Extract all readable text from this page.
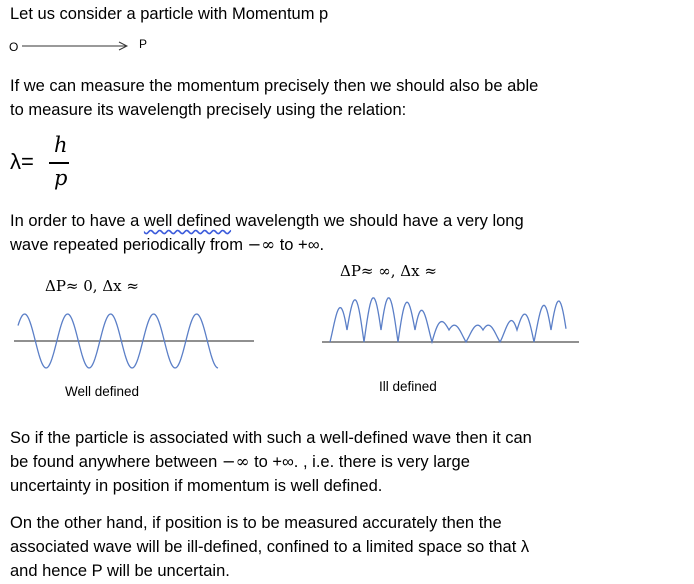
Let us consider a particle with Momentum p
O	P
If we can measure the momentum precisely then we should also be able
to measure its wavelength precisely using the relation:
λ=
h
p
In order to have a well defined wavelength we should have a very long
wave repeated periodically from −∞ to +∞.
ΔP≈ 0, Δx ≈
Well defined
ΔP≈ ∞, Δx ≈
Ill defined
So if the particle is associated with such a well-defined wave then it can
be found anywhere between −∞ to +∞. , i.e. there is very large
uncertainty in position if momentum is well defined.
On the other hand, if position is to be measured accurately then the
associated wave will be ill-defined, confined to a limited space so that λ
and hence P will be uncertain.
